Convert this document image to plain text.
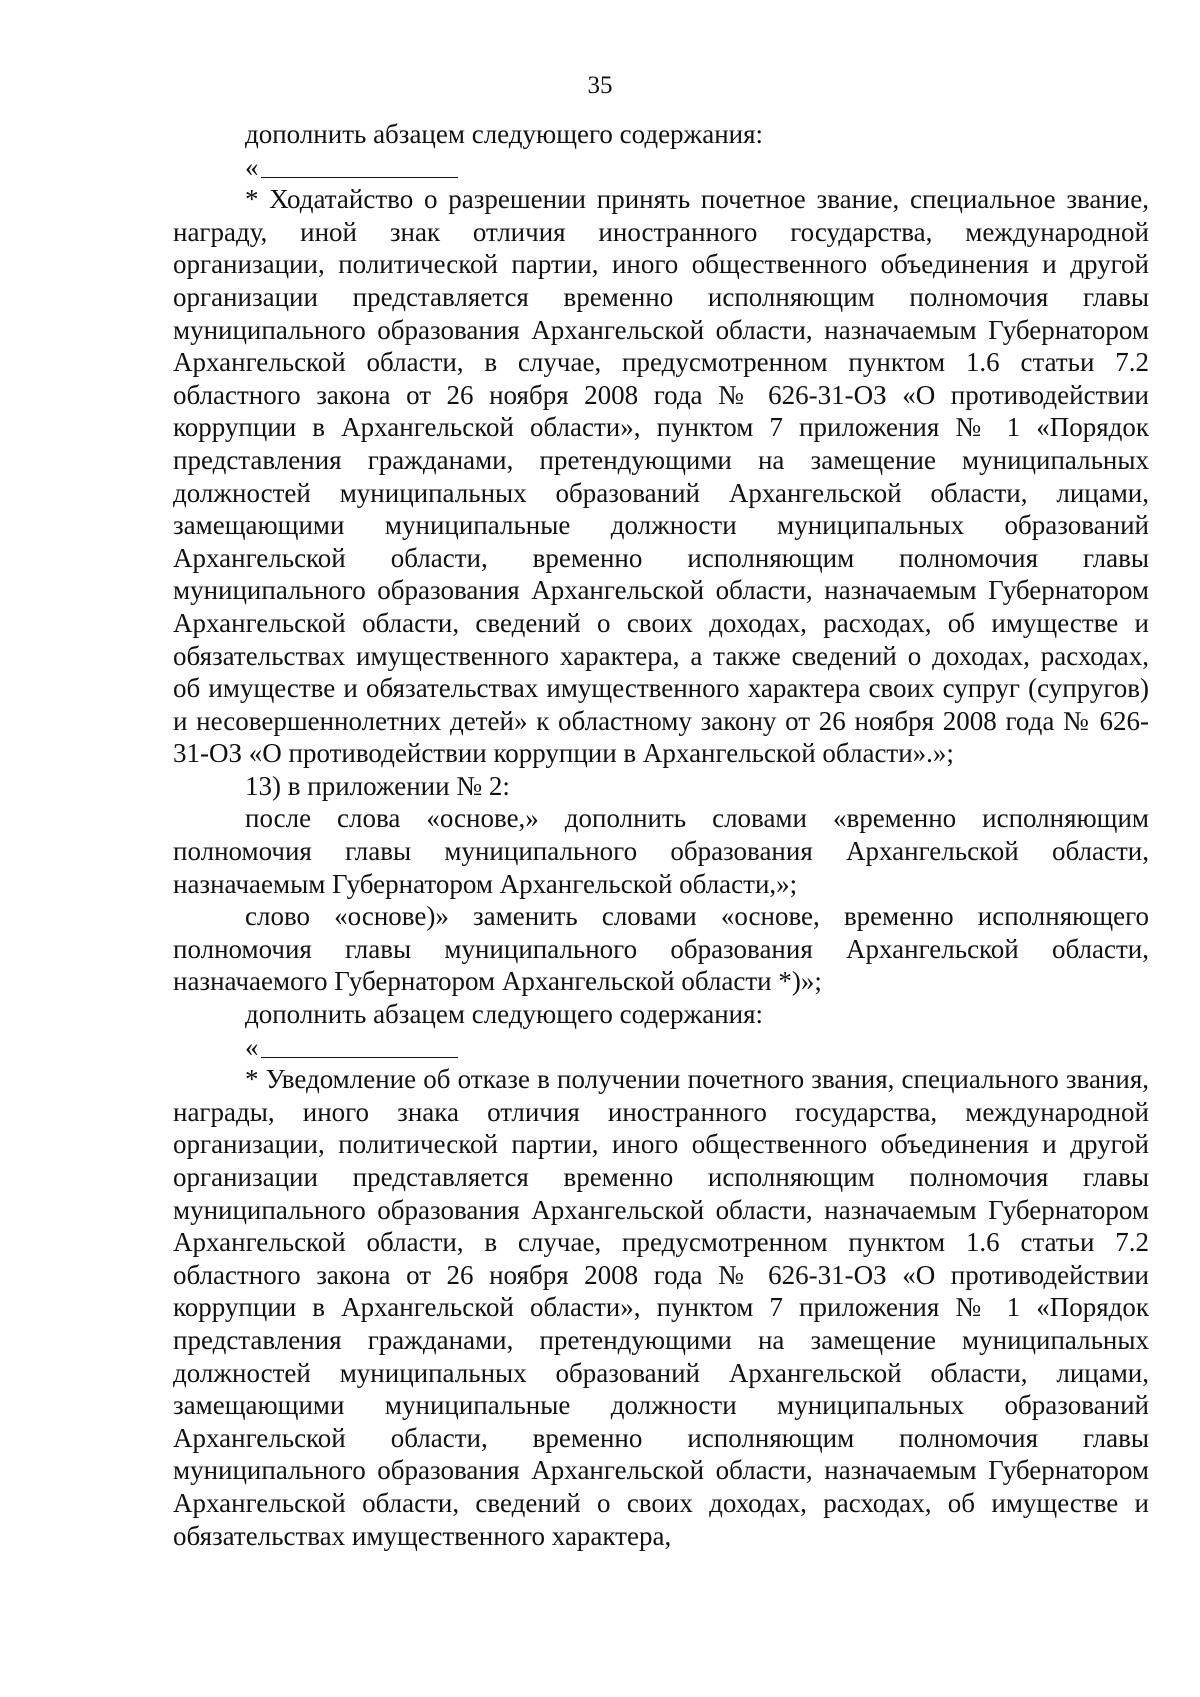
35

дополнить абзацем следующего содержания:

«

* Ходатайство о разрешении принять почетное звание, специальное звание, награду, иной знак отличия иностранного государства, международной организации, политической партии, иного общественного объединения и другой организации представляется временно исполняющим полномочия главы муниципального образования Архангельской области, назначаемым Губернатором Архангельской области, в случае, предусмотренном пунктом 1.6 статьи 7.2 областного закона от 26 ноября 2008 года № 626-31-ОЗ «О противодействии коррупции в Архангельской области», пунктом 7 приложения № 1 «Порядок представления гражданами, претендующими на замещение муниципальных должностей муниципальных образований Архангельской области, лицами, замещающими муниципальные должности муниципальных образований Архангельской области, временно исполняющим полномочия главы муниципального образования Архангельской области, назначаемым Губернатором Архангельской области, сведений о своих доходах, расходах, об имуществе и обязательствах имущественного характера, а также сведений о доходах, расходах, об имуществе и обязательствах имущественного характера своих супруг (супругов) и несовершеннолетних детей» к областному закону от 26 ноября 2008 года № 626-31-ОЗ «О противодействии коррупции в Архангельской области».»;

13) в приложении № 2:

после слова «основе,» дополнить словами «временно исполняющим полномочия главы муниципального образования Архангельской области, назначаемым Губернатором Архангельской области,»;

слово «основе)» заменить словами «основе, временно исполняющего полномочия главы муниципального образования Архангельской области, назначаемого Губернатором Архангельской области *)»;

дополнить абзацем следующего содержания:

«

* Уведомление об отказе в получении почетного звания, специального звания, награды, иного знака отличия иностранного государства, международной организации, политической партии, иного общественного объединения и другой организации представляется временно исполняющим полномочия главы муниципального образования Архангельской области, назначаемым Губернатором Архангельской области, в случае, предусмотренном пунктом 1.6 статьи 7.2 областного закона от 26 ноября 2008 года № 626-31-ОЗ «О противодействии коррупции в Архангельской области», пунктом 7 приложения № 1 «Порядок представления гражданами, претендующими на замещение муниципальных должностей муниципальных образований Архангельской области, лицами, замещающими муниципальные должности муниципальных образований Архангельской области, временно исполняющим полномочия главы муниципального образования Архангельской области, назначаемым Губернатором Архангельской области, сведений о своих доходах, расходах, об имуществе и обязательствах имущественного характера,
